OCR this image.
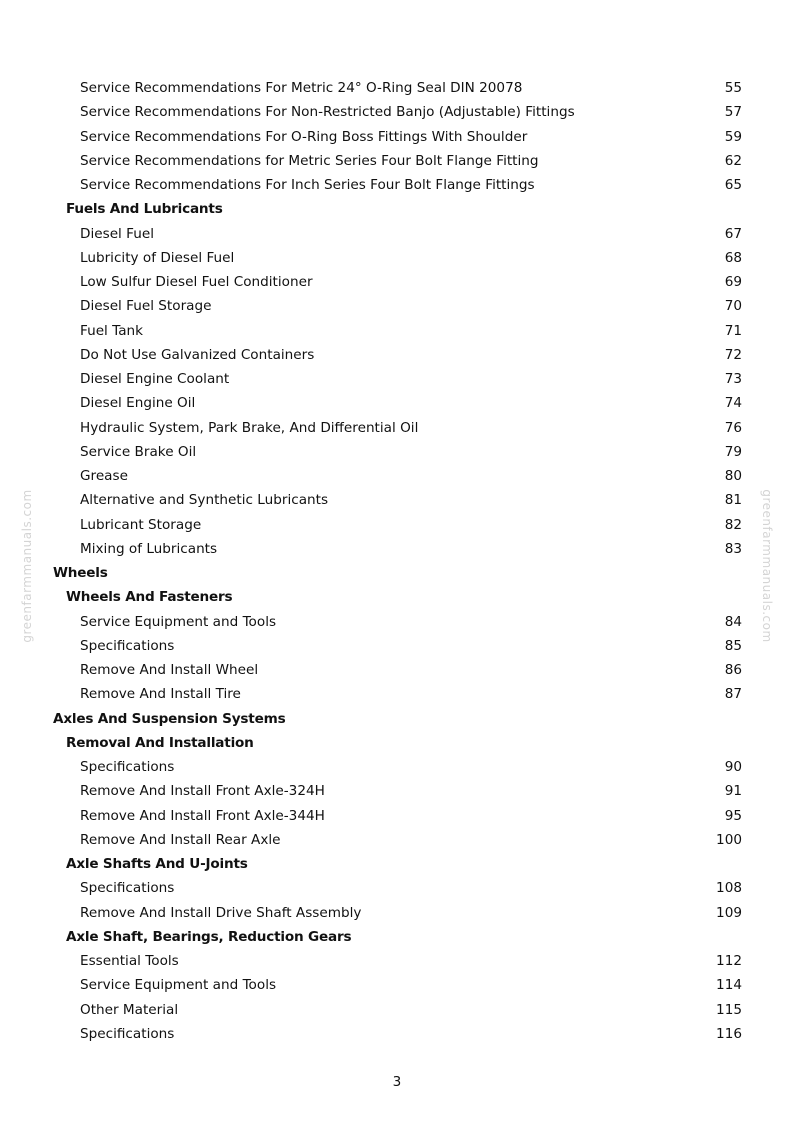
greenfarmmanuals.com	greenfarmmanuals.com
Service Recommendations For Metric 24° O-Ring Seal DIN 20078	55
Service Recommendations For Non-Restricted Banjo (Adjustable) Fittings	57
Service Recommendations For O-Ring Boss Fittings With Shoulder	59
Service Recommendations for Metric Series Four Bolt Flange Fitting	62
Service Recommendations For Inch Series Four Bolt Flange Fittings	65
Fuels And Lubricants
Diesel Fuel	67
Lubricity of Diesel Fuel	68
Low Sulfur Diesel Fuel Conditioner	69
Diesel Fuel Storage	70
Fuel Tank	71
Do Not Use Galvanized Containers	72
Diesel Engine Coolant	73
Diesel Engine Oil	74
Hydraulic System, Park Brake, And Differential Oil	76
Service Brake Oil	79
Grease	80
Alternative and Synthetic Lubricants	81
Lubricant Storage	82
Mixing of Lubricants	83
Wheels
Wheels And Fasteners
Service Equipment and Tools	84
Specifications	85
Remove And Install Wheel	86
Remove And Install Tire	87
Axles And Suspension Systems
Removal And Installation
Specifications	90
Remove And Install Front Axle-324H	91
Remove And Install Front Axle-344H	95
Remove And Install Rear Axle	100
Axle Shafts And U-Joints
Specifications	108
Remove And Install Drive Shaft Assembly	109
Axle Shaft, Bearings, Reduction Gears
Essential Tools	112
Service Equipment and Tools	114
Other Material	115
Specifications	116
3
